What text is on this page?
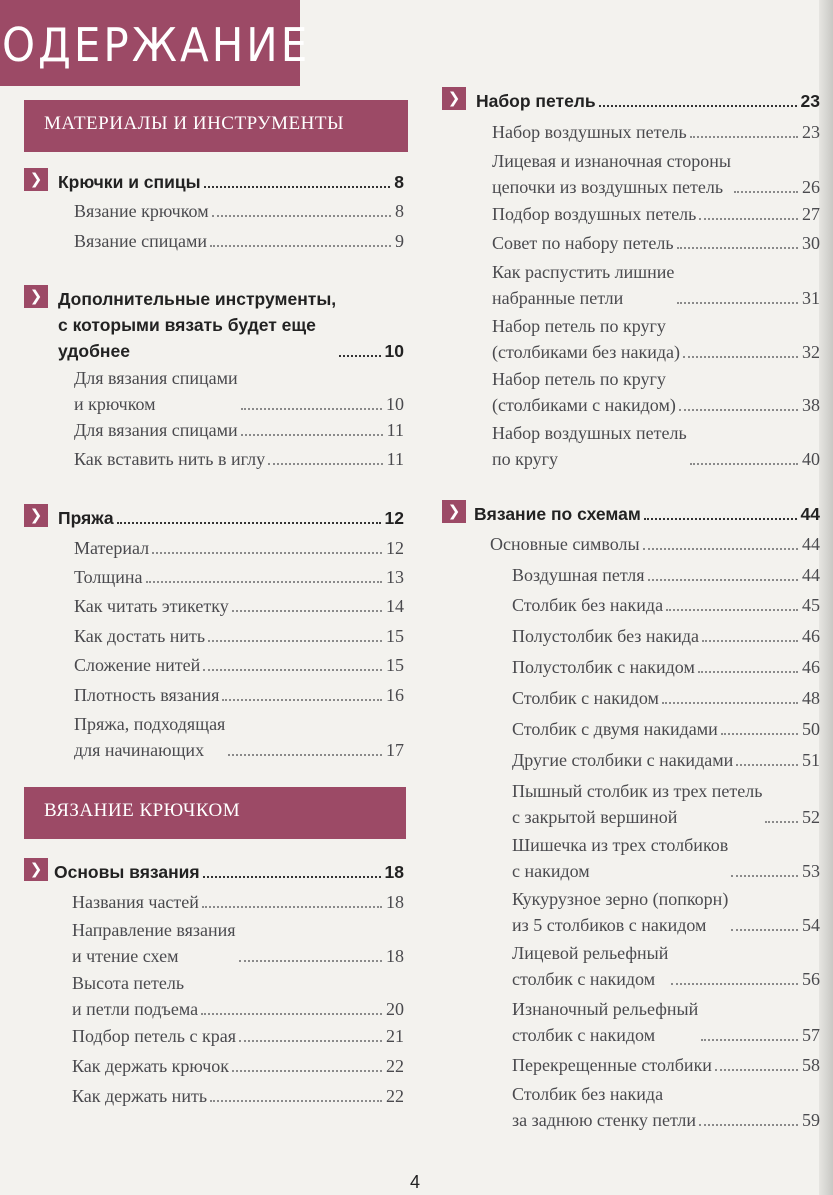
ОДЕРЖАНИЕ
МАТЕРИАЛЫ И ИНСТРУМЕНТЫ
❯ Крючки и спицы	8
Вязание крючком	8
Вязание спицами	9
❯ Дополнительные инструменты,
с которыми вязать будет еще
удобнее	10
Для вязания спицами
и крючком	10
Для вязания спицами	11
Как вставить нить в иглу	11
❯ Пряжа	12
Материал	12
Толщина	13
Как читать этикетку	14
Как достать нить	15
Сложение нитей	15
Плотность вязания	16
Пряжа, подходящая
для начинающих	17
ВЯЗАНИЕ КРЮЧКОМ
❯ Основы вязания	18
Названия частей	18
Направление вязания
и чтение схем	18
Высота петель
и петли подъема	20
Подбор петель с края	21
Как держать крючок	22
Как держать нить	22
❯ Набор петель	23
Набор воздушных петель	23
Лицевая и изнаночная стороны
цепочки из воздушных петель	26
Подбор воздушных петель	27
Совет по набору петель	30
Как распустить лишние
набранные петли	31
Набор петель по кругу
(столбиками без накида)	32
Набор петель по кругу
(столбиками с накидом)	38
Набор воздушных петель
по кругу	40
❯ Вязание по схемам	44
Основные символы	44
Воздушная петля	44
Столбик без накида	45
Полустолбик без накида	46
Полустолбик с накидом	46
Столбик с накидом	48
Столбик с двумя накидами	50
Другие столбики с накидами	51
Пышный столбик из трех петель
с закрытой вершиной	52
Шишечка из трех столбиков
с накидом	53
Кукурузное зерно (попкорн)
из 5 столбиков с накидом	54
Лицевой рельефный
столбик с накидом	56
Изнаночный рельефный
столбик с накидом	57
Перекрещенные столбики	58
Столбик без накида
за заднюю стенку петли	59
4
